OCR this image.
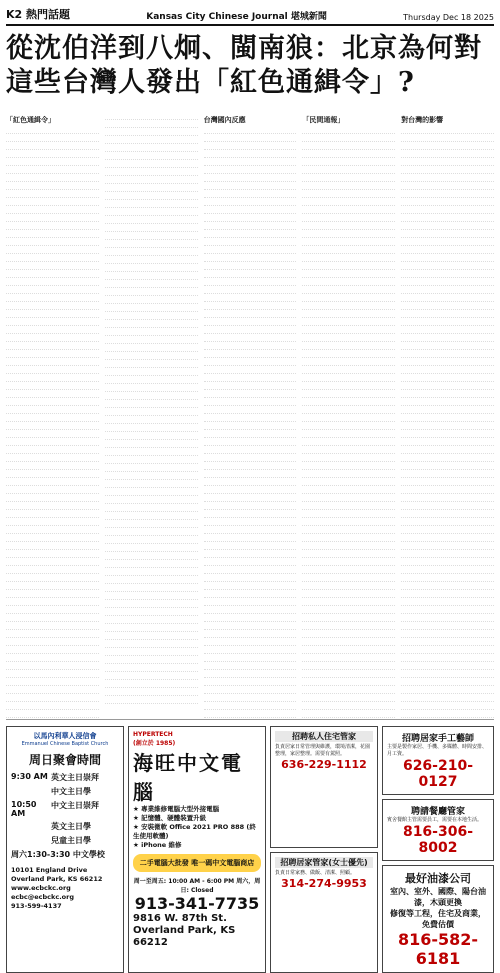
K2 熱門話題	Kansas City Chinese Journal 堪城新聞	Thursday Dec 18 2025
從沈伯洋到八炯、閩南狼：北京為何對
這些台灣人發出「紅色通緝令」?
「紅色通緝令」	台灣國內反應	「民間通報」	對台灣的影響
以馬內利華人浸信會
Emmanuel Chinese Baptist Church
周日聚會時間
9:30 AM 英文主日崇拜
中文主日學
10:50 AM
中文主日崇拜
英文主日學
兒童主日學
周六1:30-3:30 中文學校
10101 England Drive
Overland Park, KS 66212
www.ecbckc.org
ecbc@ecbckc.org
913-599-4137
HYPERTECH
(創立於 1985)
海旺中文電腦
★ 專業維修電腦大型外接電腦
★ 記憶體、硬體裝置升級
★ 安裝微軟 Office 2021 PRO 888 (終生使用軟體)
★ iPhone 維修
二手電腦大批發 唯一碼中文電腦商店
周一至周五: 10:00 AM - 6:00 PM 周六，周日: Closed
913-341-7735
9816 W. 87th St.
Overland Park, KS 66212
招聘私人住宅管家

負責居家日常管理與維護，環境清潔，花園整理，家居整理。需要有駕照。

636-229-1112
招聘居家管家(女士優先)

負責日常家務、做飯、清潔、照顧。

314-274-9953
招聘居家手工藝師

主要是製作家居、手機、多媒體、時間安排、月工資。

626-210-0127
聘請餐廳管家

賓舍餐館主管需要員工，需要在本地生活。

816-306-8002
最好油漆公司
室內、室外、國際、陽台油漆，木頭更換
修復等工程，住宅及商業，免費估價
816-582-6181
